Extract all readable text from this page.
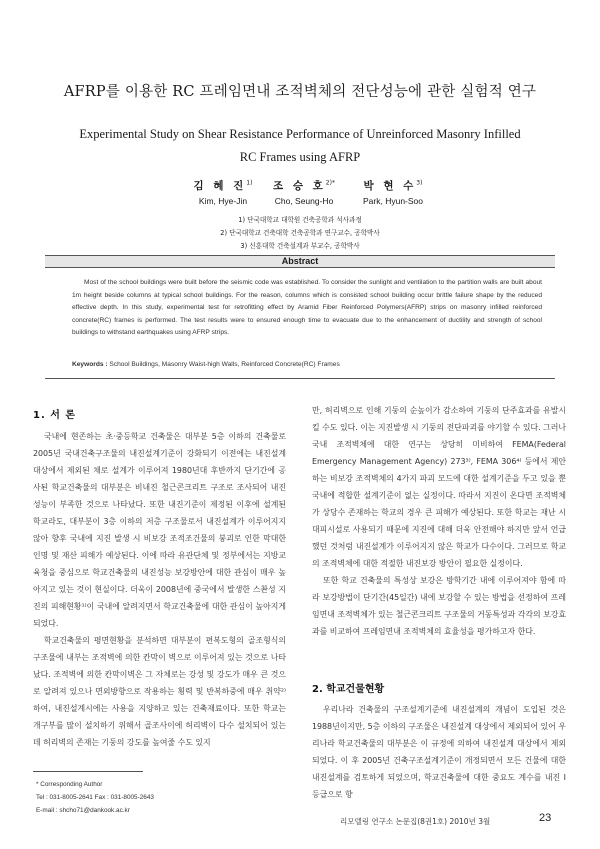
AFRP를 이용한 RC 프레임면내 조적벽체의 전단성능에 관한 실험적 연구
Experimental Study on Shear Resistance Performance of Unreinforced Masonry Infilled
RC Frames using AFRP
김 혜 진$^{1)}$
Kim, Hye-Jin
조 승 호$^{2)*}$
Cho, Seung-Ho
박 현 수$^{3)}$
Park, Hyun-Soo
1) 단국대학교 대학원 건축공학과 석사과정
2) 단국대학교 건축대학 건축공학과 연구교수, 공학박사
3) 신흥대학 건축설계과 부교수, 공학박사
Abstract
Most of the school buildings were built before the seismic code was established. To consider the sunlight and ventilation to the partition walls are built about 1m height beside columns at typical school buildings. For the reason, columns which is consisted school building occur brittle failure shape by the reduced effective depth. In this study, experimental test for retrofitting effect by Aramid Fiber Reinforced Polymers(AFRP) strips on masonry infilled reinforced concrete(RC) frames is performed. The test results were to ensured enough time to evacuate due to the enhancement of ductility and strength of school buildings to withstand earthquakes using AFRP strips.
Keywords : School Buildings, Masonry Waist-high Walls, Reinforced Concrete(RC) Frames
1. 서 론

국내에 현존하는 초·중등학교 건축물은 대부분 5층 이하의 건축물로 2005년 국내건축구조물의 내진설계기준이 강화되기 이전에는 내진설계대상에서 제외된 채로 설계가 이루어져 1980년대 후반까지 단기간에 공사된 학교건축물의 대부분은 비내진 철근콘크리트 구조로 조사되어 내진성능이 부족한 것으로 나타났다. 또한 내진기준이 제정된 이후에 설계된 학교라도, 대부분이 3층 이하의 저층 구조물로서 내진설계가 이루어지지 않아 향후 국내에 지진 발생 시 비보강 조적조건물의 붕괴로 인한 막대한 인명 및 재산 피해가 예상된다. 이에 따라 유관단체 및 정부에서는 지방교육청을 중심으로 학교건축물의 내진성능 보강방안에 대한 관심이 매우 높아지고 있는 것이 현실이다. 더욱이 2008년에 중국에서 발생한 스촨성 지진의 피해현황¹⁾이 국내에 알려지면서 학교건축물에 대한 관심이 높아지게 되었다.

학교건축물의 평면현황을 분석하면 대부분이 편복도형의 골조형식의 구조물에 내부는 조적벽에 의한 칸막이 벽으로 이루어져 있는 것으로 나타났다. 조적벽에 의한 칸막이벽은 그 자체로는 강성 및 강도가 매우 큰 것으로 알려져 있으나 면외방향으로 작용하는 횡력 및 반복하중에 매우 취약²⁾하여, 내진설계시에는 사용을 지양하고 있는 건축재료이다. 또한 학교는 개구부를 많이 설치하기 위해서 골조사이에 허리벽이 다수 설치되어 있는데 허리벽의 존재는 기둥의 강도를 높여줄 수도 있지

만, 허리벽으로 인해 기둥의 순높이가 감소하여 기둥의 단주효과를 유발시킬 수도 있다. 이는 지진발생 시 기둥의 전단파괴를 야기할 수 있다. 그러나 국내 조적벽체에 대한 연구는 상당히 미비하여 FEMA(Federal Emergency Management Agency) 273³⁾, FEMA 306⁴⁾ 등에서 제안하는 비보강 조적벽체의 4가지 파괴 모드에 대한 설계기준을 두고 있을 뿐 국내에 적합한 설계기준이 없는 실정이다. 따라서 지진이 온다면 조적벽체가 상당수 존재하는 학교의 경우 큰 피해가 예상된다. 또한 학교는 재난 시 대피시설로 사용되기 때문에 지진에 대해 더욱 안전해야 하지만 앞서 언급했던 것처럼 내진설계가 이루어지지 않은 학교가 다수이다. 그러므로 학교의 조적벽체에 대한 적절한 내진보강 방안이 필요한 실정이다.

또한 학교 건축물의 특성상 보강은 방학기간 내에 이루어져야 함에 따라 보강방법이 단기간(45일간) 내에 보강할 수 있는 방법을 선정하여 프레임면내 조적벽체가 있는 철근콘크리트 구조물의 거동특성과 각각의 보강효과를 비교하여 프레임면내 조적벽체의 효율성을 평가하고자 한다.

2. 학교건물현황

우리나라 건축물의 구조설계기준에 내진설계의 개념이 도입된 것은 1988년이지만, 5층 이하의 구조물은 내진설계 대상에서 제외되어 있어 우리나라 학교건축물의 대부분은 이 규정에 의하여 내진설계 대상에서 제외되었다. 이 후 2005년 건축구조설계기준이 개정되면서 모든 건물에 대한 내진설계를 검토하게 되었으며, 학교건축물에 대한 중요도 계수를 내진 I 등급으로 향

* Corresponding Author
Tel : 031-8005-2641 Fax : 031-8005-2643
E-mail : shcho71@dankook.ac.kr
리모델링 연구소 논문집(8권1호) 2010년 3월	23
